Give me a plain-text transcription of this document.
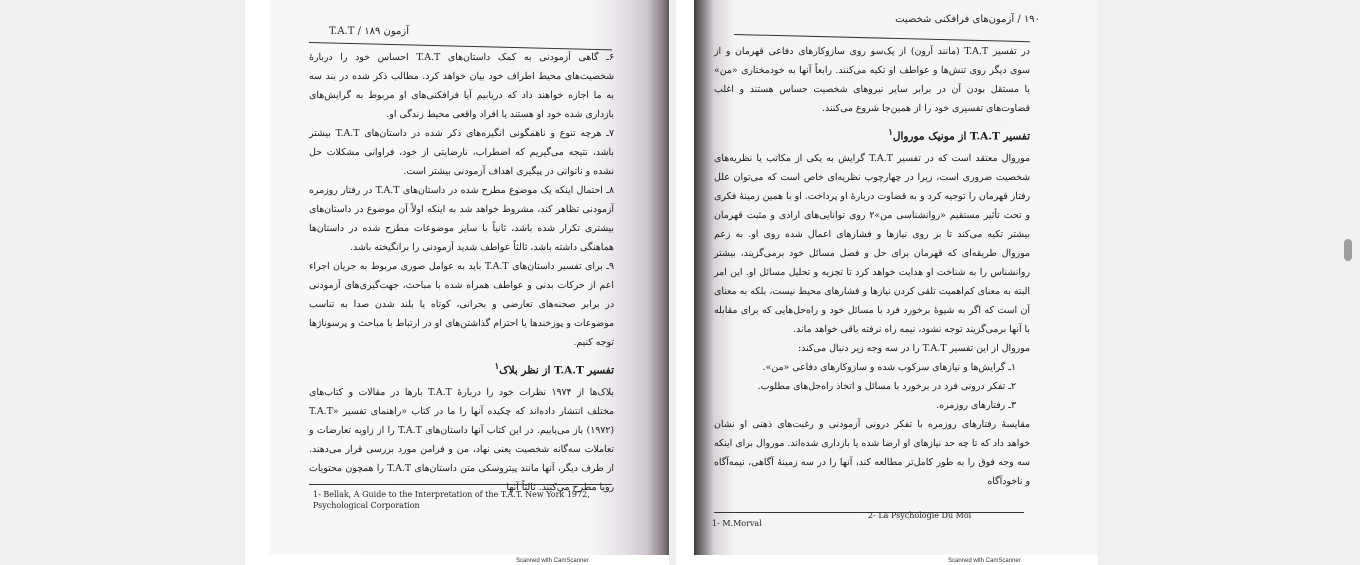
آزمون T.A.T / ۱۸۹

۶ـ گاهی آزمودنی به کمک داستان‌های T.A.T احساس خود را دربارهٔ شخصیت‌های محیط اطراف خود بیان خواهد کرد. مطالب ذکر شده در بند سه به ما اجازه خواهند داد که دریابیم آیا فرافکنی‌های او مربوط به گرایش‌های بازداری شده خود او هستند یا افراد واقعی محیط زندگی او.

۷ـ هرچه تنوع و ناهمگونی انگیزه‌های ذکر شده در داستان‌های T.A.T بیشتر باشد، نتیجه می‌گیریم که اضطراب، نارضایتی از خود، فراوانی مشکلات حل نشده و ناتوانی در پیگیری اهداف آزمودنی بیشتر است.

۸ـ احتمال اینکه یک موضوع مطرح شده در داستان‌های T.A.T در رفتار روزمره آزمودنی تظاهر کند، مشروط خواهد شد به اینکه اولاً آن موضوع در داستان‌های بیشتری تکرار شده باشد، ثانیاً با سایر موضوعات مطرح شده در داستان‌ها هماهنگی داشته باشد، ثالثاً عواطف شدید آزمودنی را برانگیخته باشد.

۹ـ برای تفسیر داستان‌های T.A.T باید به عوامل صوری مربوط به جریان اجراء اعم از حرکات بدنی و عواطف همراه شده با مباحث، جهت‌گیری‌های آزمودنی در برابر صحنه‌های تعارضی و بحرانی، کوتاه یا بلند شدن صدا به تناسب موضوعات و پوزخندها یا احترام گذاشتن‌های او در ارتباط با مباحث و پرسوناژها توجه کنیم.

تفسیر T.A.T از نظر بلاک$^۱$

بلاک‌ها از ۱۹۷۴ نظرات خود را دربارهٔ T.A.T بارها در مقالات و کتاب‌های مختلف انتشار داده‌اند که چکیده آنها را ما در کتاب «راهنمای تفسیر T.A.T» (۱۹۷۲) باز می‌یابیم. در این کتاب آنها داستان‌های T.A.T را از زاویه تعارضات و تعاملات سه‌گانه شخصیت یعنی نهاد، من و فرامن مورد بررسی قرار می‌دهند. از طرف دیگر، آنها مانند پیتروسکی متن داستان‌های T.A.T را همچون محتویات رویا مطرح می‌کنند. ثالثاً آنها

1- Bellak, A Guide to the Interpretation of the T.A.T. New York 1972, Psychological Corporation
Scanned with CamScanner
۱۹۰ / آزمون‌های فرافکنی شخصیت

در تفسیر T.A.T (مانند آرون) از یک‌سو روی سازوکارهای دفاعی قهرمان و از سوی دیگر روی تنش‌ها و عواطف او تکیه می‌کنند. رابعاً آنها به خودمختاری «من» یا مستقل بودن آن در برابر سایر نیروهای شخصیت حساس هستند و اغلب قضاوت‌های تفسیری خود را از همین‌جا شروع می‌کنند.

تفسیر T.A.T از مونیک موروال$^۱$

موروال معتقد است که در تفسیر T.A.T گرایش به یکی از مکاتب یا نظریه‌های شخصیت ضروری است، زیرا در چهارچوب نظریه‌ای خاص است که می‌توان علل رفتار قهرمان را توجیه کرد و به قضاوت دربارهٔ او پرداخت. او با همین زمینهٔ فکری و تحت تأثیر مستقیم «روانشناسی من»۲ روی توانایی‌های ارادی و مثبت قهرمان بیشتر تکیه می‌کند تا بر روی نیازها و فشارهای اعمال شده روی او. به زعم موروال طریقه‌ای که قهرمان برای حل و فصل مسائل خود برمی‌گزیند، بیشتر روانشناس را به شناخت او هدایت خواهد کرد تا تجزیه و تحلیل مسائل او. این امر البته به معنای کم‌اهمیت تلقی کردن نیازها و فشارهای محیط نیست، بلکه به معنای آن است که اگر به شیوهٔ برخورد فرد با مسائل خود و راه‌حل‌هایی که برای مقابله با آنها برمی‌گزیند توجه نشود، نیمه راه نرفته باقی خواهد ماند.

موروال از این تفسیر T.A.T را در سه وجه زیر دنبال می‌کند:

۱ـ گرایش‌ها و نیازهای سرکوب شده و سازوکارهای دفاعی «من».

۲ـ تفکر درونی فرد در برخورد با مسائل و اتخاذ راه‌حل‌های مطلوب.

۳ـ رفتارهای روزمره.

مقایسهٔ رفتارهای روزمره با تفکر درونی آزمودنی و رغبت‌های ذهنی او نشان خواهد داد که تا چه حد نیازهای او ارضا شده یا بازداری شده‌اند. موروال برای اینکه سه وجه فوق را به طور کامل‌تر مطالعه کند، آنها را در سه زمینهٔ آگاهی، نیمه‌آگاه و ناخودآگاه

1- M.Morval
2- La Psychologie Du Moi
Scanned with CamScanner
